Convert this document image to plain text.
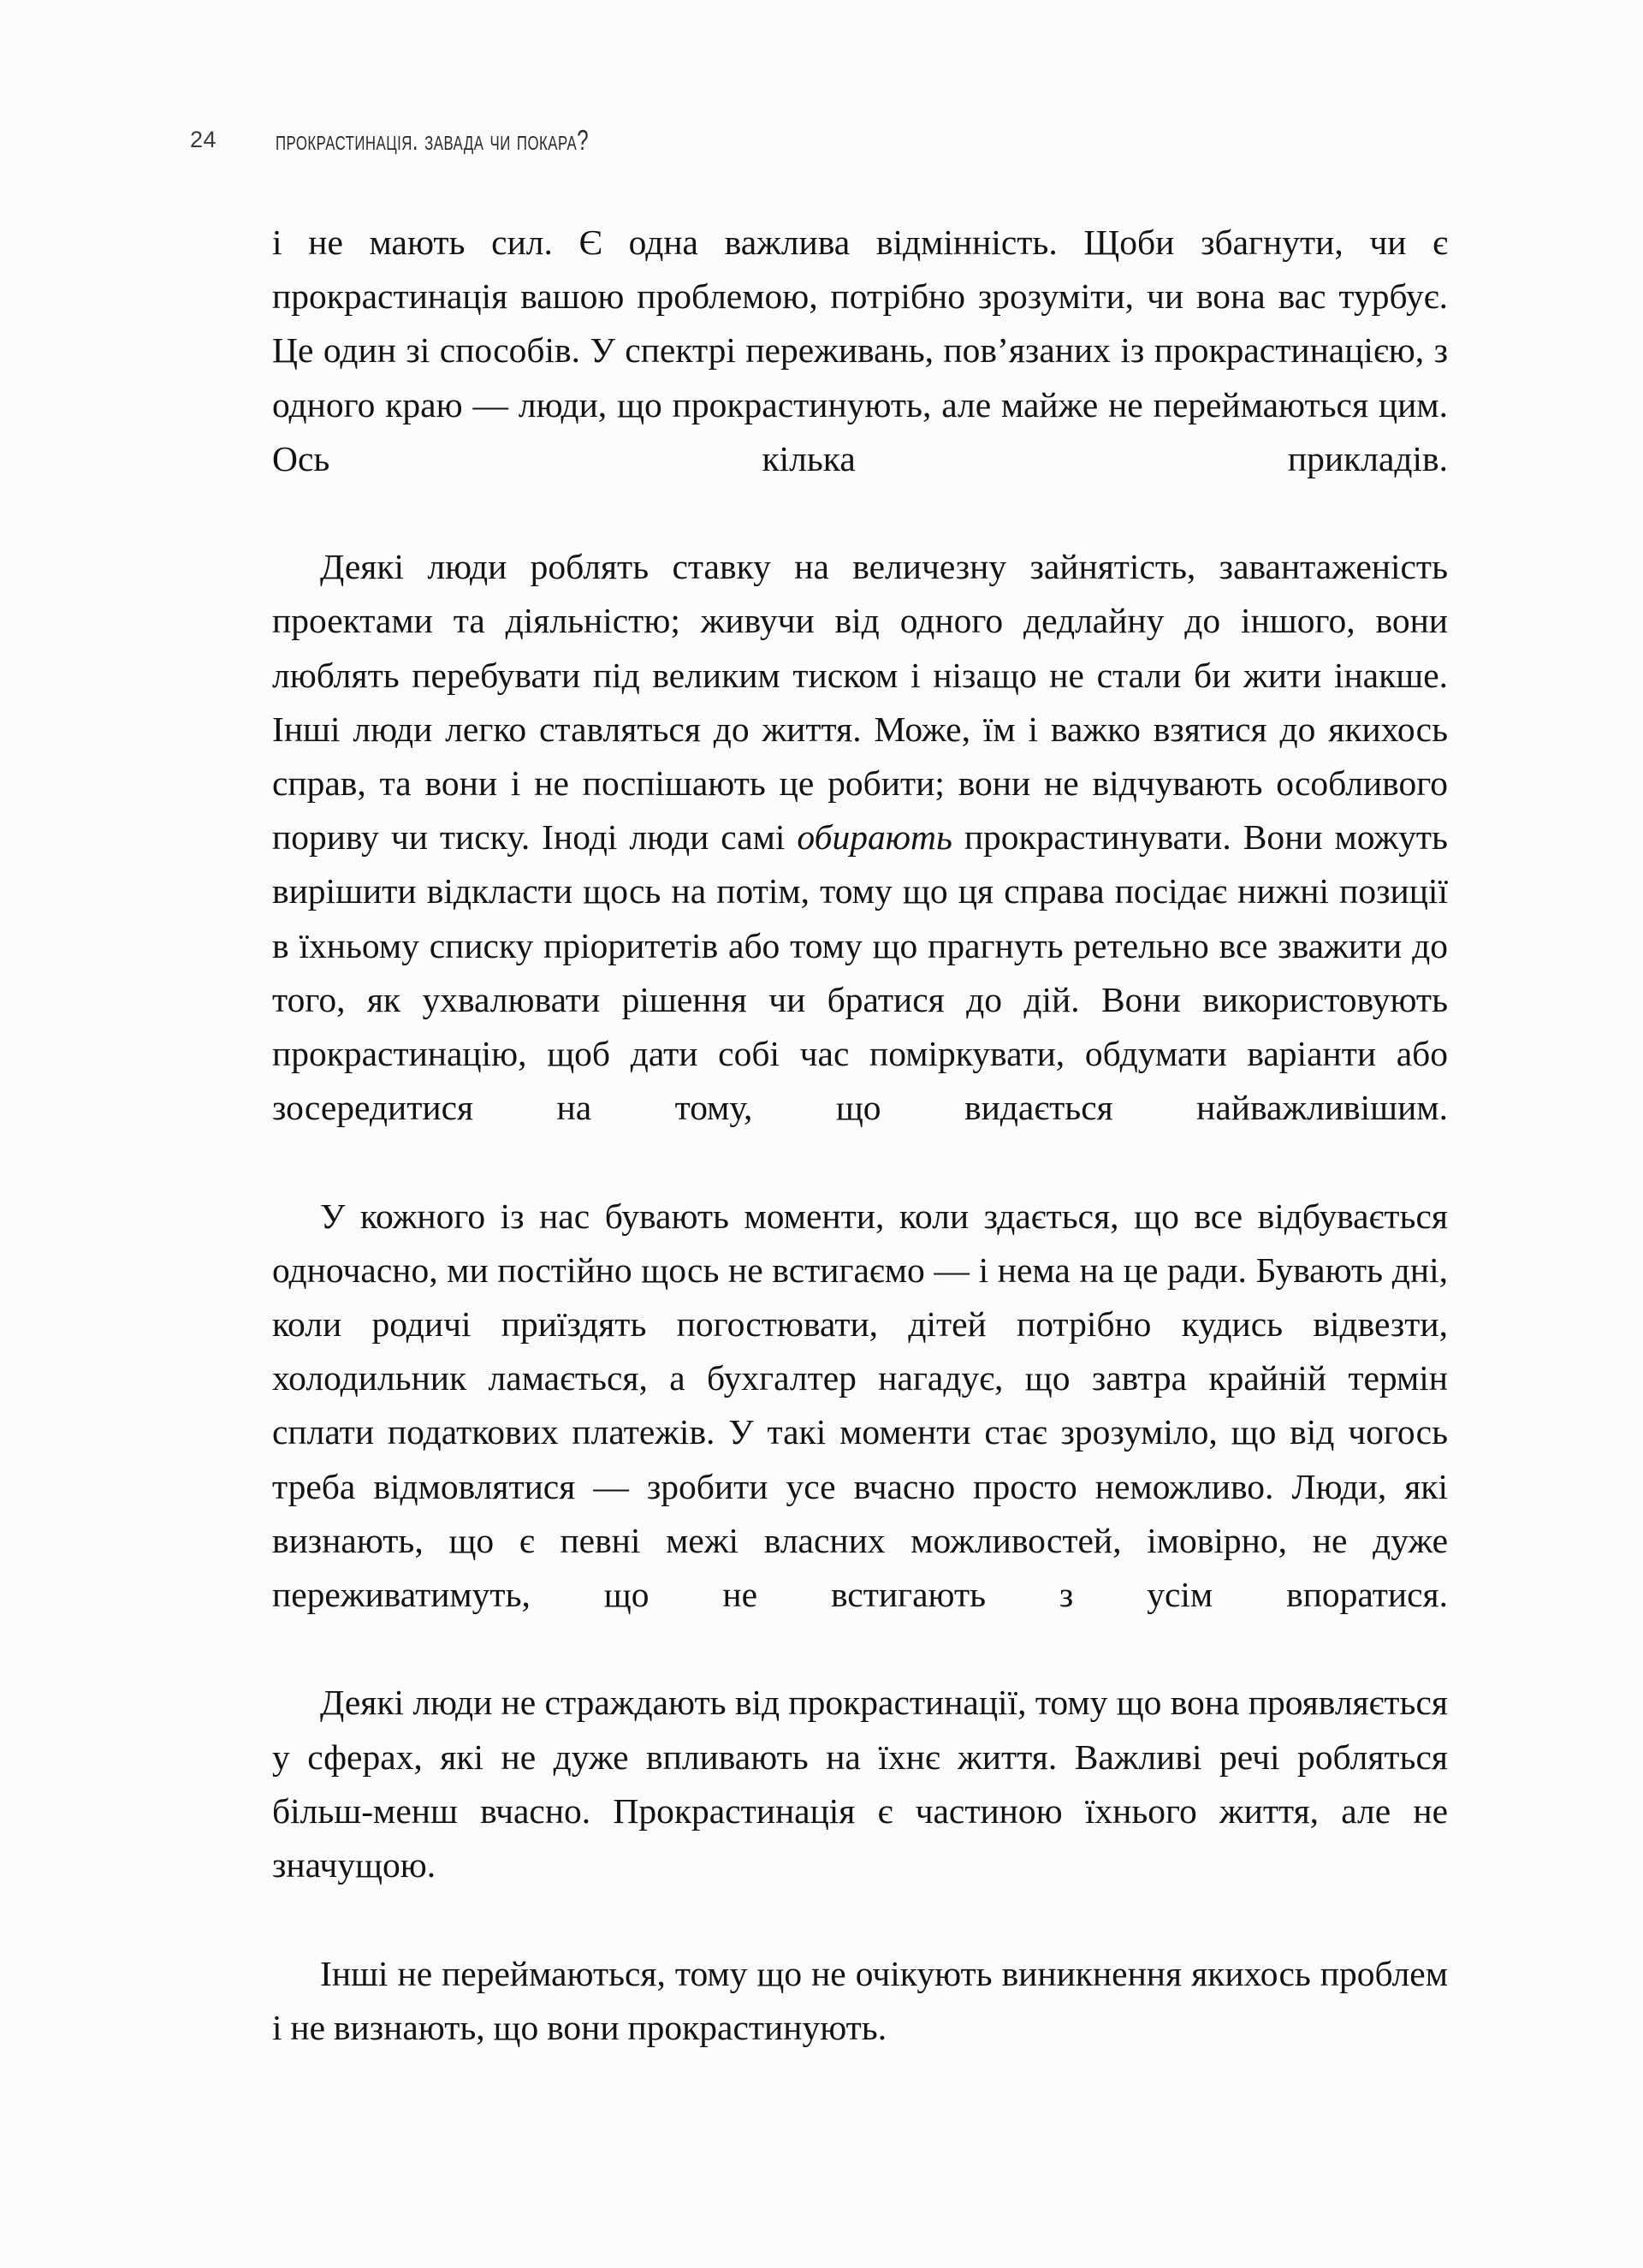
24 прокрастинація. завада чи покара?

і не мають сил. Є одна важлива відмінність. Щоби збагнути, чи є прокрастинація вашою проблемою, потрібно зрозуміти, чи вона вас турбує. Це один зі способів. У спектрі переживань, пов’язаних із прокрастинацією, з одного краю — люди, що прокрастинують, але майже не переймаються цим. Ось кілька прикладів.

Деякі люди роблять ставку на величезну зайнятість, завантаженість проектами та діяльністю; живучи від одного дедлайну до іншого, вони люблять перебувати під великим тиском і нізащо не стали би жити інакше. Інші люди легко ставляться до життя. Може, їм і важко взятися до якихось справ, та вони і не поспішають це робити; вони не відчувають особливого пориву чи тиску. Іноді люди самі обирають прокрастинувати. Вони можуть вирішити відкласти щось на потім, тому що ця справа посідає нижні позиції в їхньому списку пріоритетів або тому що прагнуть ретельно все зважити до того, як ухвалювати рішення чи братися до дій. Вони використовують прокрастинацію, щоб дати собі час поміркувати, обдумати варіанти або зосередитися на тому, що видається найважливішим.

У кожного із нас бувають моменти, коли здається, що все відбувається одночасно, ми постійно щось не встигаємо — і нема на це ради. Бувають дні, коли родичі приїздять погостювати, дітей потрібно кудись відвезти, холодильник ламається, а бухгалтер нагадує, що завтра крайній термін сплати податкових платежів. У такі моменти стає зрозуміло, що від чогось треба відмовлятися — зробити усе вчасно просто неможливо. Люди, які визнають, що є певні межі власних можливостей, імовірно, не дуже переживатимуть, що не встигають з усім впоратися.

Деякі люди не страждають від прокрастинації, тому що вона проявляється у сферах, які не дуже впливають на їхнє життя. Важливі речі робляться більш-менш вчасно. Прокрастинація є частиною їхнього життя, але не значущою.

Інші не переймаються, тому що не очікують виникнення якихось проблем і не визнають, що вони прокрастинують.
